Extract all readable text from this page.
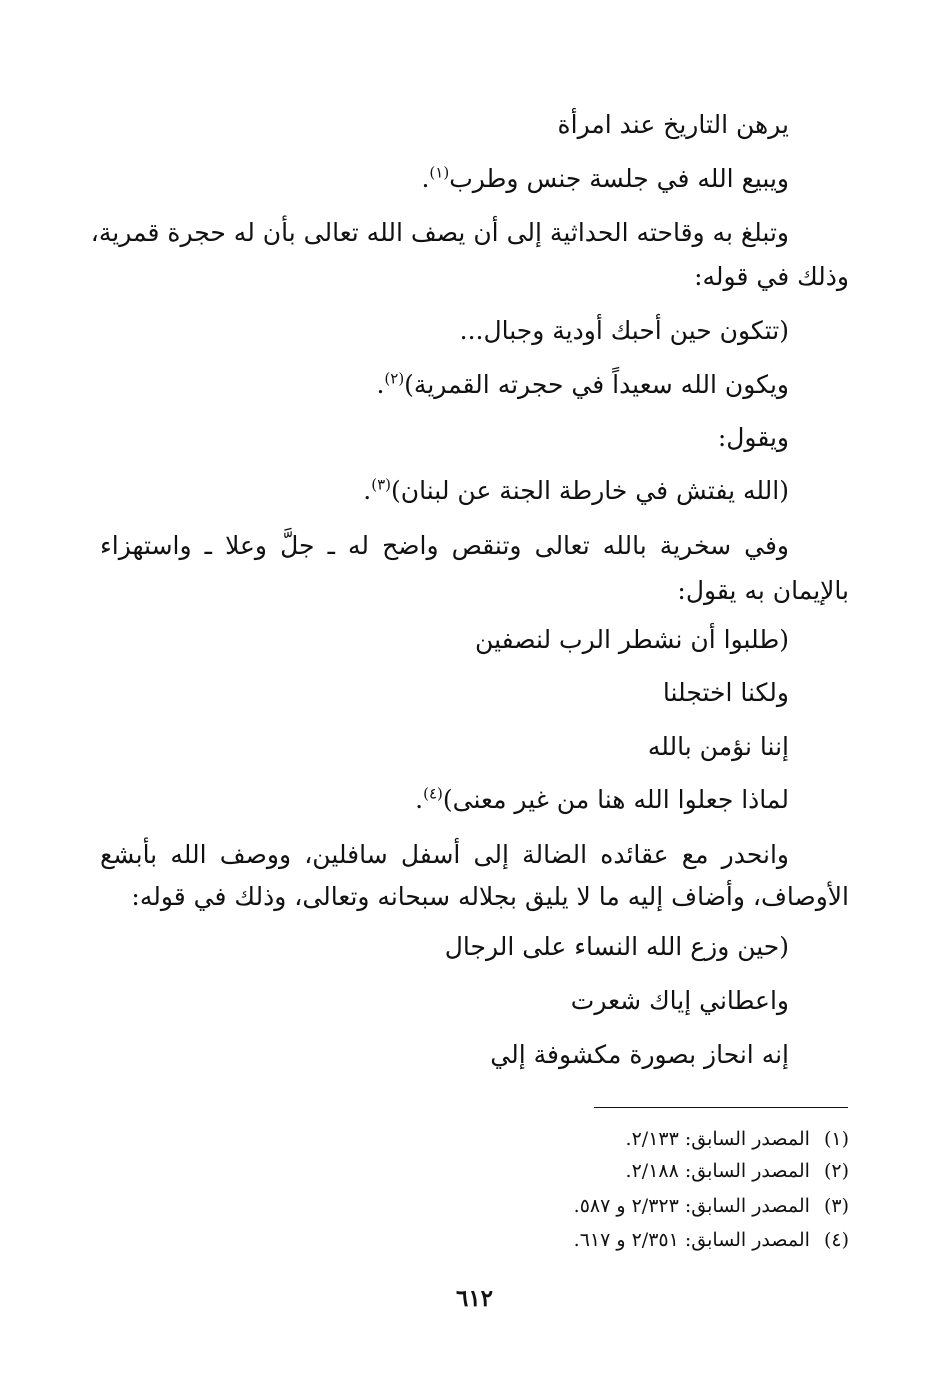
يرهن التاريخ عند امرأة
ويبيع الله في جلسة جنس وطرب$^{(١)}$.
وتبلغ به وقاحته الحداثية إلى أن يصف الله تعالى بأن له حجرة قمرية،
وذلك في قوله:
(تتكون حين أحبك أودية وجبال...
ويكون الله سعيداً في حجرته القمرية)$^{(٢)}$.
ويقول:
(الله يفتش في خارطة الجنة عن لبنان)$^{(٣)}$.
وفي سخرية بالله تعالى وتنقص واضح له ـ جلَّ وعلا ـ واستهزاء
بالإيمان به يقول:
(طلبوا أن نشطر الرب لنصفين
ولكنا اختجلنا
إننا نؤمن بالله
لماذا جعلوا الله هنا من غير معنى)$^{(٤)}$.
وانحدر مع عقائده الضالة إلى أسفل سافلين، ووصف الله بأبشع
الأوصاف، وأضاف إليه ما لا يليق بجلاله سبحانه وتعالى، وذلك في قوله:
(حين وزع الله النساء على الرجال
واعطاني إياك شعرت
إنه انحاز بصورة مكشوفة إلي
(١)المصدر السابق: ٢/١٣٣.
(٢)المصدر السابق: ٢/١٨٨.
(٣)المصدر السابق: ٢/٣٢٣ و ٥٨٧.
(٤)المصدر السابق: ٢/٣٥١ و ٦١٧.
٦١٢
